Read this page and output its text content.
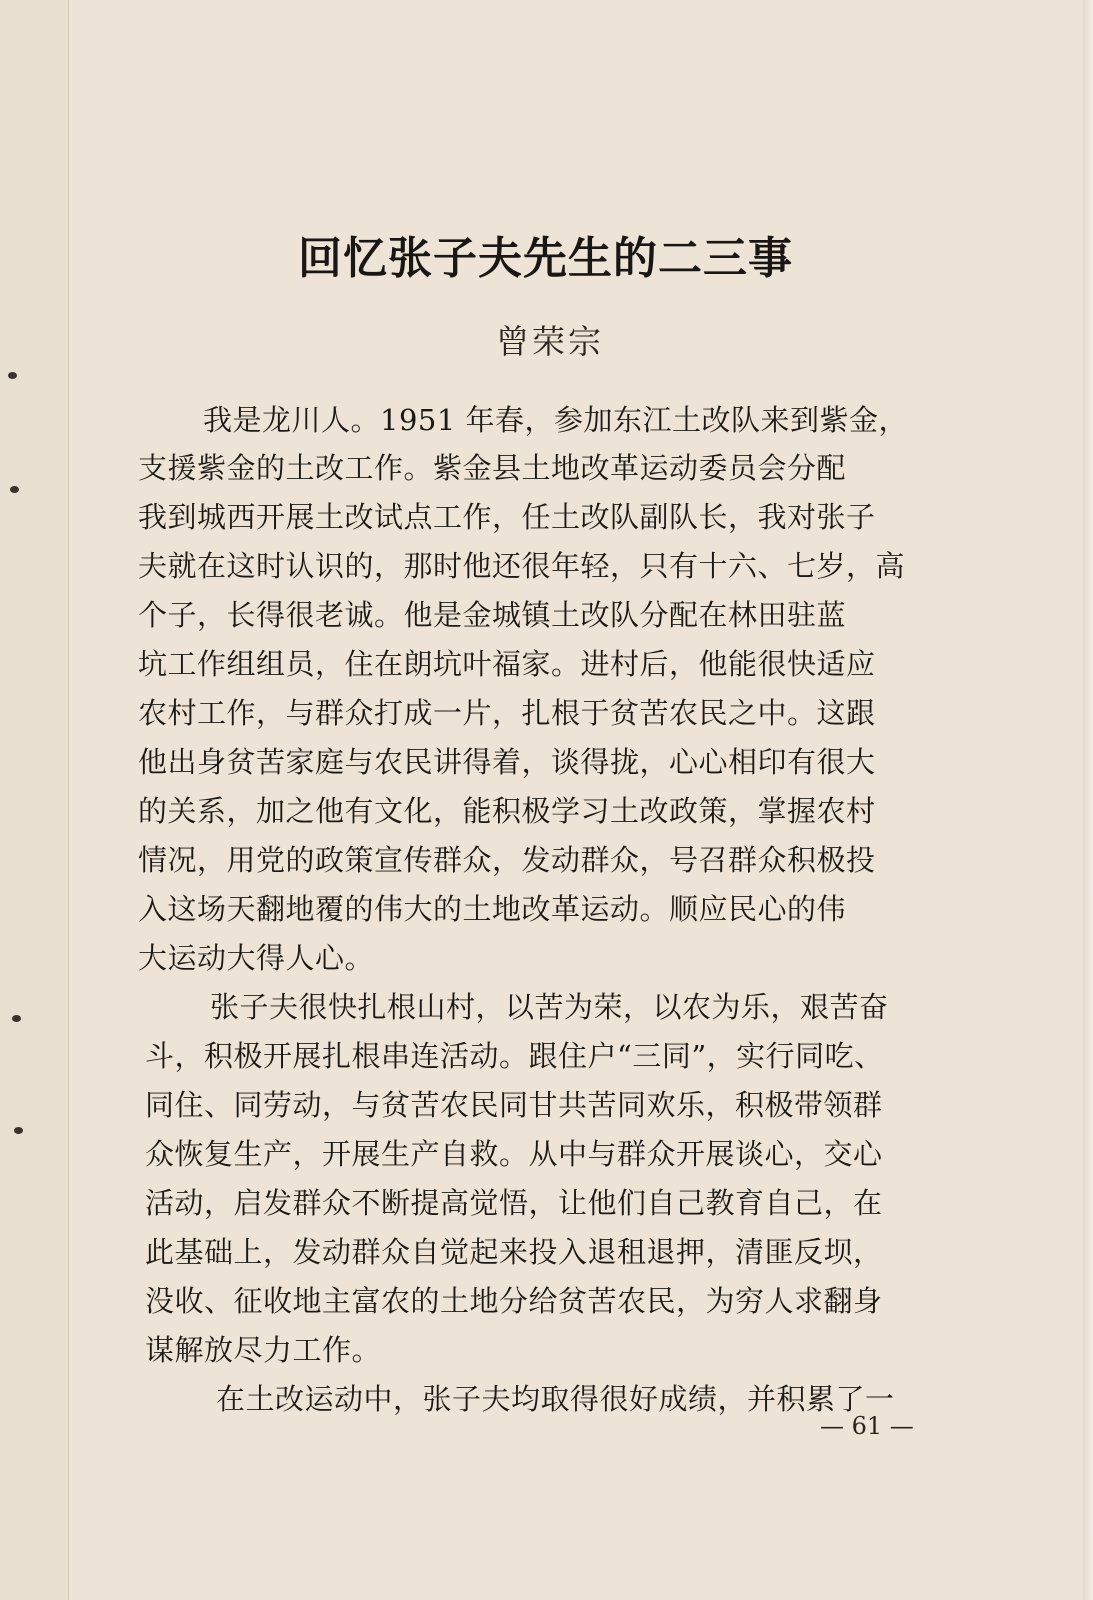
回忆张子夫先生的二三事
曾荣宗
我是龙川人。1951 年春，参加东江土改队来到紫金，
支援紫金的土改工作。紫金县土地改革运动委员会分配
我到城西开展土改试点工作，任土改队副队长，我对张子
夫就在这时认识的，那时他还很年轻，只有十六、七岁，高
个子，长得很老诚。他是金城镇土改队分配在林田驻蓝
坑工作组组员，住在朗坑叶福家。进村后，他能很快适应
农村工作，与群众打成一片，扎根于贫苦农民之中。这跟
他出身贫苦家庭与农民讲得着，谈得拢，心心相印有很大
的关系，加之他有文化，能积极学习土改政策，掌握农村
情况，用党的政策宣传群众，发动群众，号召群众积极投
入这场天翻地覆的伟大的土地改革运动。顺应民心的伟
大运动大得人心。
张子夫很快扎根山村，以苦为荣，以农为乐，艰苦奋
斗，积极开展扎根串连活动。跟住户“三同”，实行同吃、
同住、同劳动，与贫苦农民同甘共苦同欢乐，积极带领群
众恢复生产，开展生产自救。从中与群众开展谈心，交心
活动，启发群众不断提高觉悟，让他们自己教育自己，在
此基础上，发动群众自觉起来投入退租退押，清匪反坝，
没收、征收地主富农的土地分给贫苦农民，为穷人求翻身
谋解放尽力工作。
在土改运动中，张子夫均取得很好成绩，并积累了一
— 61 —
